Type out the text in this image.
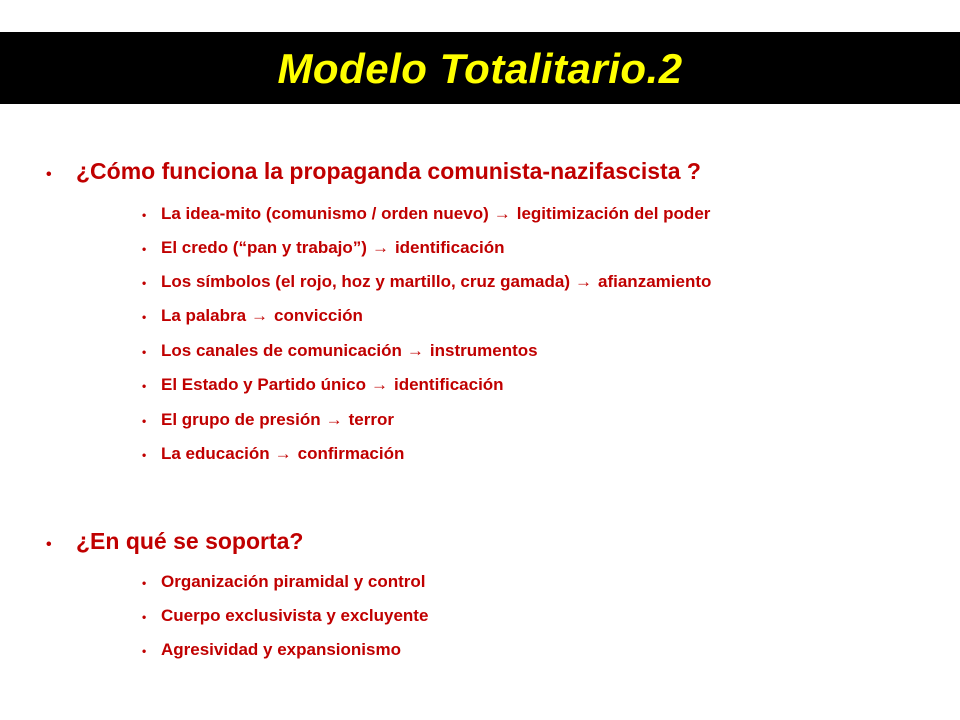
Modelo Totalitario.2
•	¿Cómo funciona la propaganda comunista-nazifascista ?
• La idea-mito (comunismo / orden nuevo) → legitimización del poder
• El credo (“pan y trabajo”) → identificación
• Los símbolos (el rojo, hoz y martillo, cruz gamada) → afianzamiento
• La palabra → convicción
• Los canales de comunicación → instrumentos
• El Estado y Partido único → identificación
• El grupo de presión → terror
• La educación → confirmación
•	¿En qué se soporta?
• Organización piramidal y control
• Cuerpo exclusivista y excluyente
• Agresividad y expansionismo
